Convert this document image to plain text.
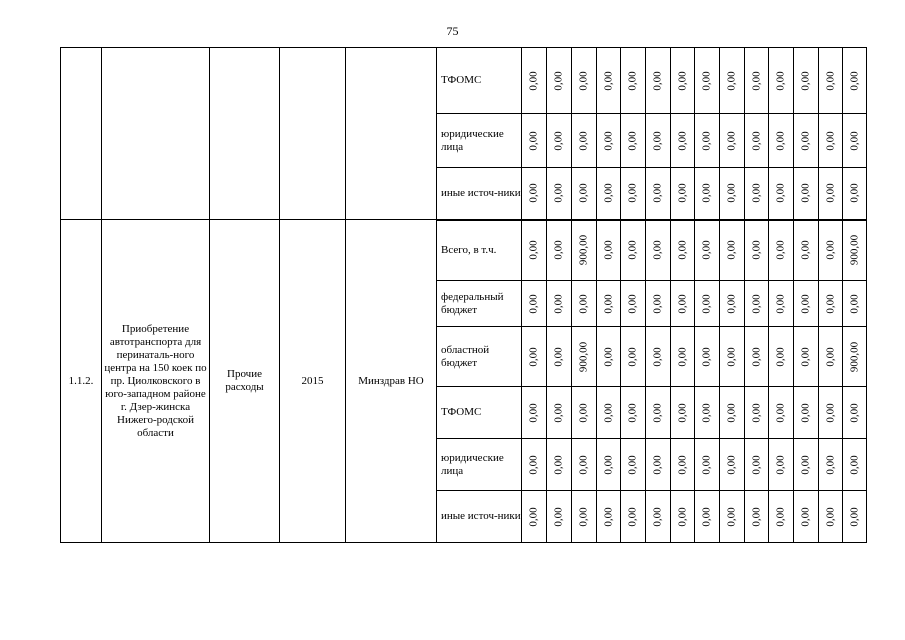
75
					ТФОМС	0,00	0,00	0,00	0,00	0,00	0,00	0,00	0,00	0,00	0,00	0,00	0,00	0,00	0,00

					юридические лица	0,00	0,00	0,00	0,00	0,00	0,00	0,00	0,00	0,00	0,00	0,00	0,00	0,00	0,00

					иные источ-ники	0,00	0,00	0,00	0,00	0,00	0,00	0,00	0,00	0,00	0,00	0,00	0,00	0,00	0,00

1.1.2.	Приобретение автотранспорта для перинаталь-ного центра на 150 коек по пр. Циолковского в юго-западном районе г. Дзер-жинска Нижего-родской области	Прочие расходы	2015	Минздрав НО	Всего, в т.ч.	0,00	0,00	900,00	0,00	0,00	0,00	0,00	0,00	0,00	0,00	0,00	0,00	0,00	900,00

					федеральный бюджет	0,00	0,00	0,00	0,00	0,00	0,00	0,00	0,00	0,00	0,00	0,00	0,00	0,00	0,00

					областной бюджет	0,00	0,00	900,00	0,00	0,00	0,00	0,00	0,00	0,00	0,00	0,00	0,00	0,00	900,00

					ТФОМС	0,00	0,00	0,00	0,00	0,00	0,00	0,00	0,00	0,00	0,00	0,00	0,00	0,00	0,00

					юридические лица	0,00	0,00	0,00	0,00	0,00	0,00	0,00	0,00	0,00	0,00	0,00	0,00	0,00	0,00

					иные источ-ники	0,00	0,00	0,00	0,00	0,00	0,00	0,00	0,00	0,00	0,00	0,00	0,00	0,00	0,00
